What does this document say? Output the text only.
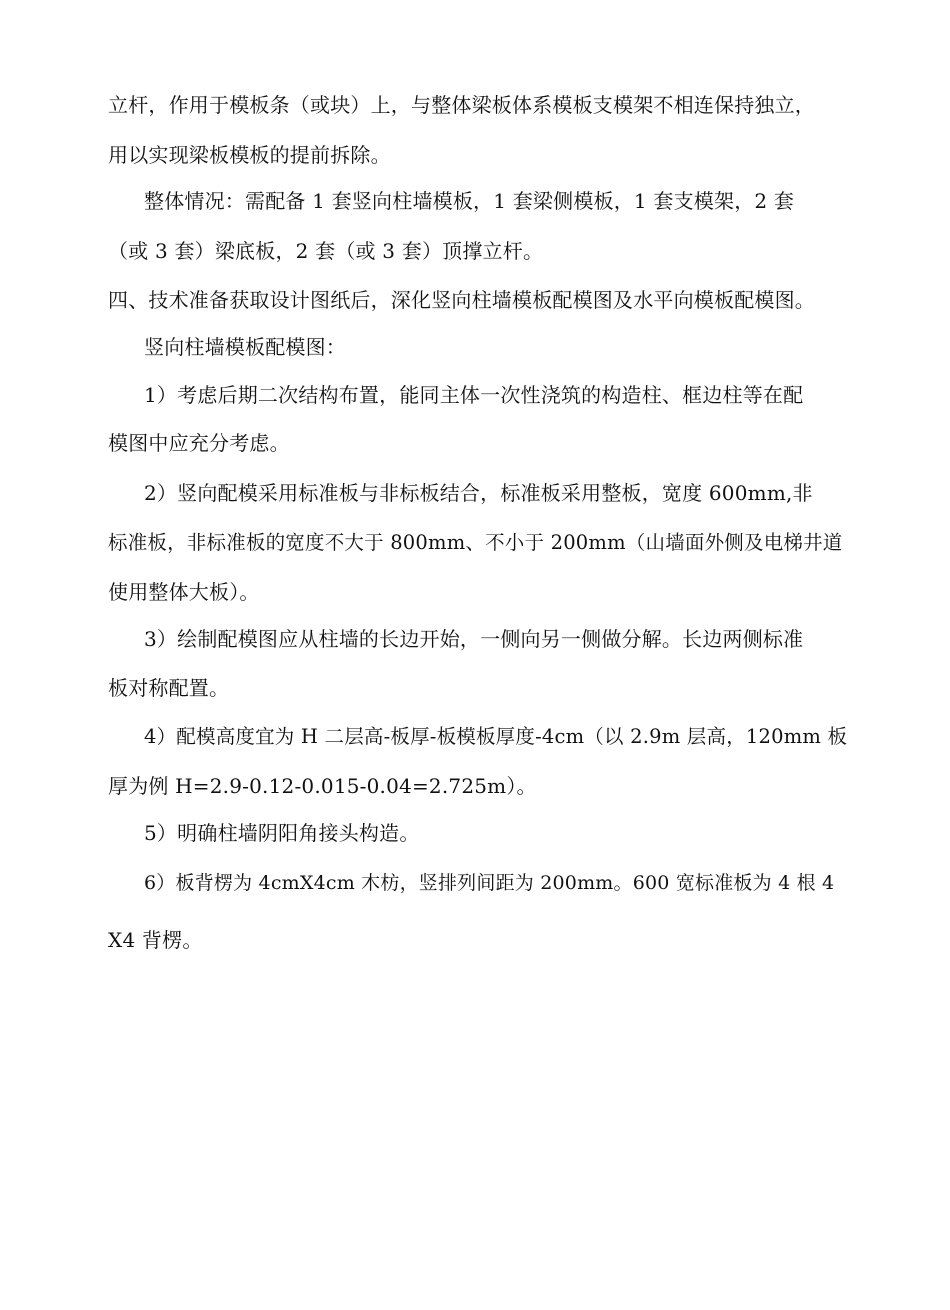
立杆，作用于模板条（或块）上，与整体梁板体系模板支模架不相连保持独立，
用以实现梁板模板的提前拆除。
整体情况：需配备 1 套竖向柱墙模板，1 套梁侧模板，1 套支模架，2 套
（或 3 套）梁底板，2 套（或 3 套）顶撑立杆。
四、技术准备获取设计图纸后，深化竖向柱墙模板配模图及水平向模板配模图。
竖向柱墙模板配模图：
1）考虑后期二次结构布置，能同主体一次性浇筑的构造柱、框边柱等在配
模图中应充分考虑。
2）竖向配模采用标准板与非标板结合，标准板采用整板，宽度 600mm,非
标准板，非标准板的宽度不大于 800mm、不小于 200mm（山墙面外侧及电梯井道
使用整体大板）。
3）绘制配模图应从柱墙的长边开始，一侧向另一侧做分解。长边两侧标准
板对称配置。
4）配模高度宜为 H 二层高-板厚-板模板厚度-4cm（以 2.9m 层高，120mm 板
厚为例 H=2.9-0.12-0.015-0.04=2.725m）。
5）明确柱墙阴阳角接头构造。
6）板背楞为 4cmX4cm 木枋，竖排列间距为 200mm。600 宽标准板为 4 根 4
X4 背楞。
